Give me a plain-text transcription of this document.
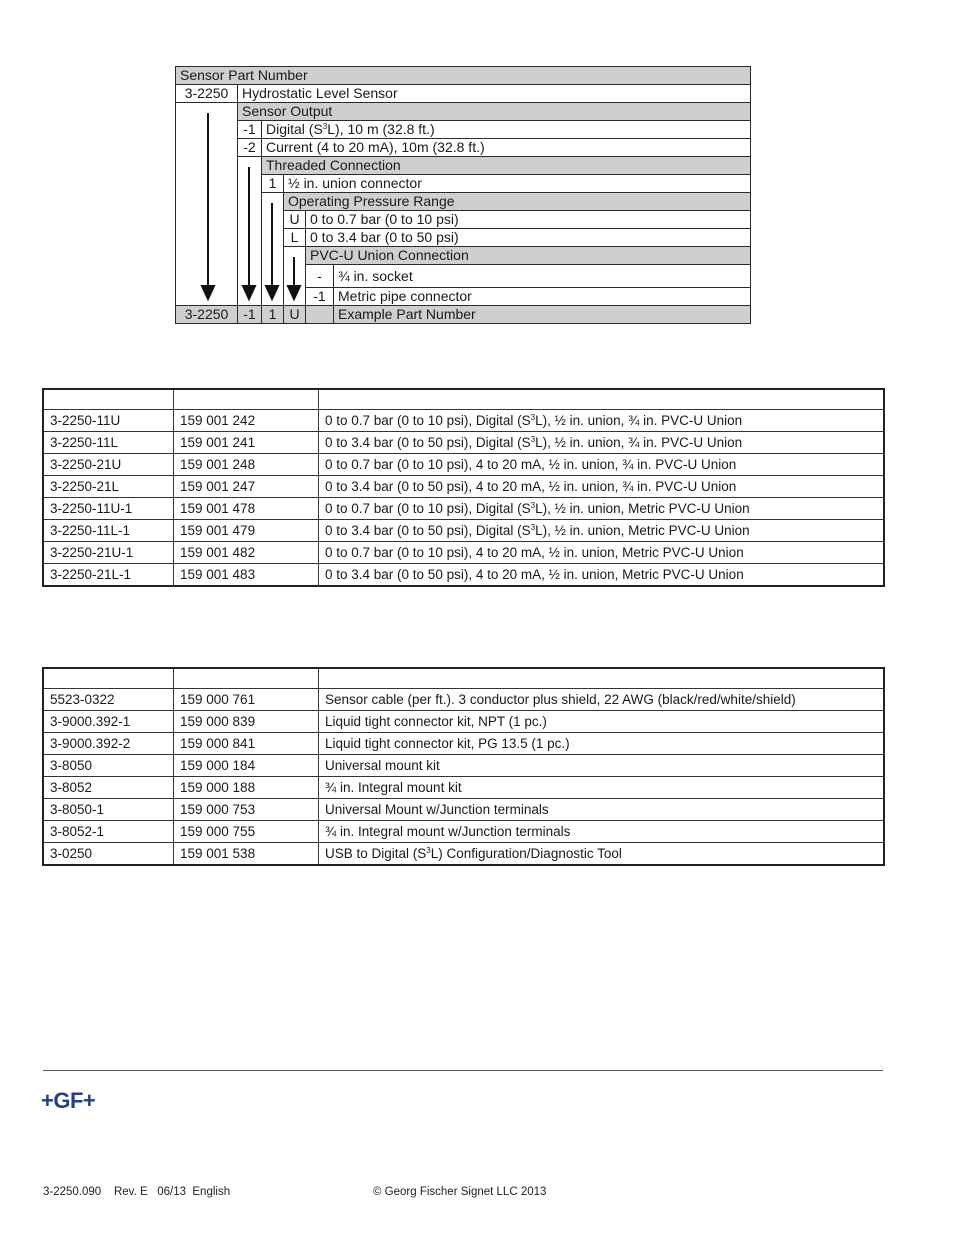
Sensor Part Number
3-2250 Hydrostatic Level Sensor
Sensor Output
-1 Digital $(S^3L)$, 10 m (32.8 ft.)
-2 Current (4 to 20 mA), 10m (32.8 ft.)
Threaded Connection
1 ½ in. union connector
Operating Pressure Range
U 0 to 0.7 bar (0 to 10 psi)
L 0 to 3.4 bar (0 to 50 psi)
PVC-U Union Connection
-	¾ in. socket
-1 Metric pipe connector
3-2250	-1 1 U	Example Part Number

3-2250-11U	159 001 242	0 to 0.7 bar (0 to 10 psi), Digital $(S^3L)$, ½ in. union, ¾ in. PVC-U Union
3-2250-11L	159 001 241	0 to 3.4 bar (0 to 50 psi), Digital $(S^3L)$, ½ in. union, ¾ in. PVC-U Union
3-2250-21U	159 001 248	0 to 0.7 bar (0 to 10 psi), 4 to 20 mA, ½ in. union, ¾ in. PVC-U Union
3-2250-21L	159 001 247	0 to 3.4 bar (0 to 50 psi), 4 to 20 mA, ½ in. union, ¾ in. PVC-U Union
3-2250-11U-1	159 001 478	0 to 0.7 bar (0 to 10 psi), Digital $(S^3L)$, ½ in. union, Metric PVC-U Union
3-2250-11L-1	159 001 479	0 to 3.4 bar (0 to 50 psi), Digital $(S^3L)$, ½ in. union, Metric PVC-U Union
3-2250-21U-1	159 001 482	0 to 0.7 bar (0 to 10 psi), 4 to 20 mA, ½ in. union, Metric PVC-U Union
3-2250-21L-1	159 001 483	0 to 3.4 bar (0 to 50 psi), 4 to 20 mA, ½ in. union, Metric PVC-U Union

5523-0322	159 000 761	Sensor cable (per ft.). 3 conductor plus shield, 22 AWG (black/red/white/shield)
3-9000.392-1	159 000 839	Liquid tight connector kit, NPT (1 pc.)
3-9000.392-2	159 000 841	Liquid tight connector kit, PG 13.5 (1 pc.)
3-8050	159 000 184	Universal mount kit
3-8052	159 000 188	¾ in. Integral mount kit
3-8050-1	159 000 753	Universal Mount w/Junction terminals
3-8052-1	159 000 755	¾ in. Integral mount w/Junction terminals
3-0250	159 001 538	USB to Digital $(S^3L)$ Configuration/Diagnostic Tool
+GF+
3-2250.090    Rev. E   06/13  English	© Georg Fischer Signet LLC 2013
